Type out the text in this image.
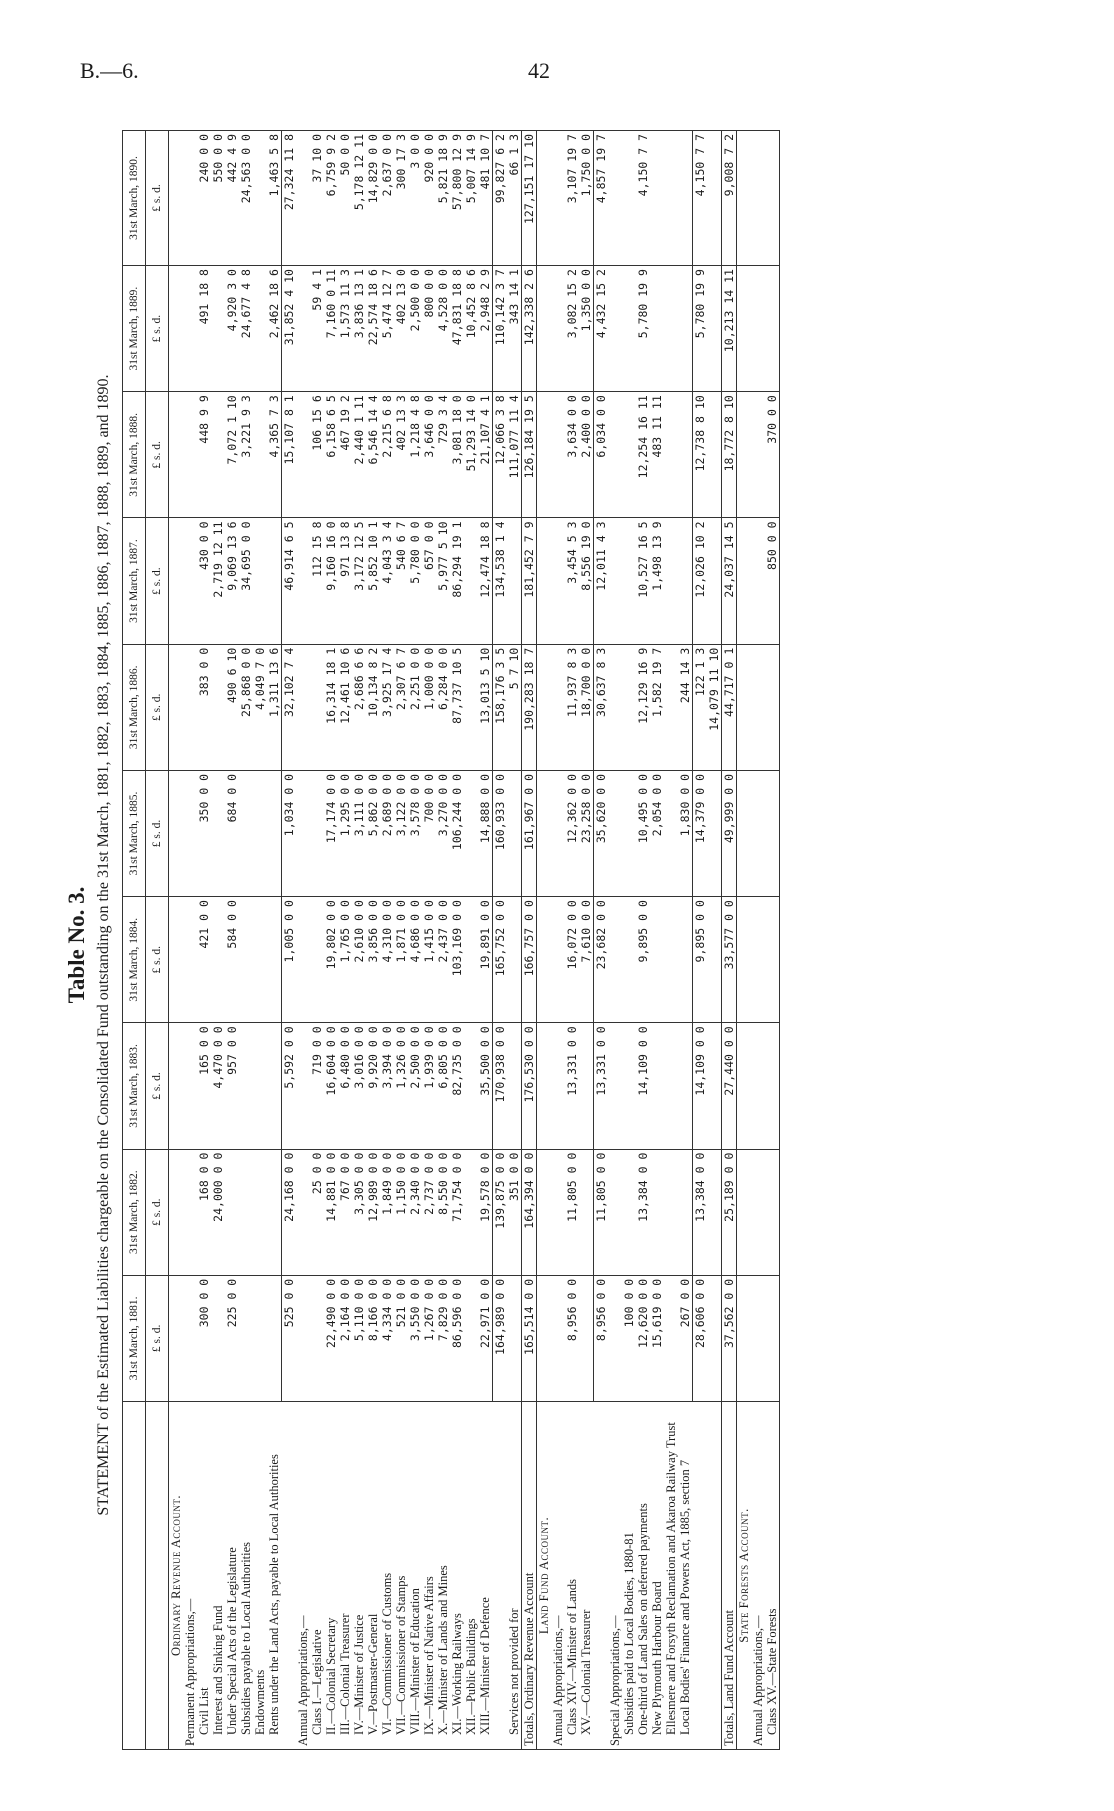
B.—6.	42
Table No. 3. STATEMENT of the Estimated Liabilities chargeable on the Consolidated Fund outstanding on the 31st March, 1881, 1882, 1883, 1884, 1885, 1886, 1887, 1888, 1889, and 1890.
	31st March, 1881.	31st March, 1882.	31st March, 1883.	31st March, 1884.	31st March, 1885.	31st March, 1886.	31st March, 1887.	31st March, 1888.	31st March, 1889.	31st March, 1890.
	£ s. d.	£ s. d.	£ s. d.	£ s. d.	£ s. d.	£ s. d.	£ s. d.	£ s. d.	£ s. d.	£ s. d.
Ordinary Revenue Account.										
Permanent Appropriations,—										
Civil List	300 0 0	168 0 0	165 0 0	421 0 0	350 0 0	383 0 0	430 0 0	448 9 9	491 18 8	240 0 0
Interest and Sinking Fund		24,000 0 0	4,470 0 0				2,719 12 11			550 0 0
Under Special Acts of the Legislature	225 0 0		957 0 0	584 0 0	684 0 0	490 6 10	9,069 13 6	7,072 1 10	4,920 3 0	442 4 9
Subsidies payable to Local Authorities						25,868 0 0	34,695 0 0	3,221 9 3	24,677 4 8	24,563 0 0
Endowments						4,049 7 0				
Rents under the Land Acts, payable to Local Authorities						1,311 13 6		4,365 7 3	2,462 18 6	1,463 5 8
	525 0 0	24,168 0 0	5,592 0 0	1,005 0 0	1,034 0 0	32,102 7 4	46,914 6 5	15,107 8 1	31,852 4 10	27,324 11 8
Annual Appropriations,—										
Class I.—Legislative		25 0 0	719 0 0				112 15 8	106 15 6	59 4 1	37 10 0
II.—Colonial Secretary	22,490 0 0	14,881 0 0	16,604 0 0	19,802 0 0	17,174 0 0	16,314 18 1	9,160 16 0	6,158 6 5	7,160 0 11	6,759 9 2
III.—Colonial Treasurer	2,164 0 0	767 0 0	6,480 0 0	1,765 0 0	1,295 0 0	12,461 10 6	971 13 8	467 19 2	1,573 11 3	50 0 0
IV.—Minister of Justice	5,110 0 0	3,305 0 0	3,016 0 0	2,610 0 0	3,111 0 0	2,686 6 6	3,172 12 5	2,440 1 11	3,836 13 1	5,178 12 11
V.—Postmaster-General	8,166 0 0	12,989 0 0	9,920 0 0	3,856 0 0	5,862 0 0	10,134 8 2	5,852 10 1	6,546 14 4	22,574 18 6	14,829 0 0
VI.—Commissioner of Customs	4,334 0 0	1,849 0 0	3,394 0 0	4,310 0 0	2,689 0 0	3,925 17 4	4,043 3 4	2,215 6 8	5,474 12 7	2,637 0 0
VII.—Commissioner of Stamps	521 0 0	1,150 0 0	1,326 0 0	1,871 0 0	3,122 0 0	2,307 6 7	540 6 7	402 13 3	402 13 0	300 17 3
VIII.—Minister of Education	3,550 0 0	2,340 0 0	2,500 0 0	4,686 0 0	3,578 0 0	2,251 0 0	5,780 0 0	1,218 4 8	2,500 0 0	3 0 0
IX.—Minister of Native Affairs	1,267 0 0	2,737 0 0	1,939 0 0	1,415 0 0	700 0 0	1,000 0 0	657 0 0	3,646 0 0	800 0 0	920 0 0
X.—Minister of Lands and Mines	7,829 0 0	8,550 0 0	6,805 0 0	2,437 0 0	3,270 0 0	6,284 0 0	5,977 5 10	729 3 4	4,528 0 0	5,821 18 9
XI.—Working Railways	86,596 0 0	71,754 0 0	82,735 0 0	103,169 0 0	106,244 0 0	87,737 10 5	86,294 19 1	3,081 18 0	47,831 18 8	57,800 12 9
XII.—Public Buildings								51,293 14 0	10,452 8 6	5,007 14 9
XIII.—Minister of Defence	22,971 0 0	19,578 0 0	35,500 0 0	19,891 0 0	14,888 0 0	13,013 5 10	12,474 18 8	21,107 4 1	2,948 2 9	481 10 7
	164,989 0 0	139,875 0 0	170,938 0 0	165,752 0 0	160,933 0 0	158,176 3 5	134,538 1 4	12,066 3 8	110,142 3 7	99,827 6 2
Services not provided for		351 0 0				5 7 10		111,077 11 4	343 14 1	66 1 3
Totals, Ordinary Revenue Account	165,514 0 0	164,394 0 0	176,530 0 0	166,757 0 0	161,967 0 0	190,283 18 7	181,452 7 9	126,184 19 5	142,338 2 6	127,151 17 10
Land Fund Account.										
Annual Appropriations,—										
Class XIV.—Minister of Lands	8,956 0 0	11,805 0 0	13,331 0 0	16,072 0 0	12,362 0 0	11,937 8 3	3,454 5 3	3,634 0 0	3,082 15 2	3,107 19 7
XV.—Colonial Treasurer				7,610 0 0	23,258 0 0	18,700 0 0	8,556 19 0	2,400 0 0	1,350 0 0	1,750 0 0
	8,956 0 0	11,805 0 0	13,331 0 0	23,682 0 0	35,620 0 0	30,637 8 3	12,011 4 3	6,034 0 0	4,432 15 2	4,857 19 7
Special Appropriations,—										
Subsidies paid to Local Bodies, 1880-81	100 0 0									
One-third of Land Sales on deferred payments	12,620 0 0	13,384 0 0	14,109 0 0	9,895 0 0	10,495 0 0	12,129 16 9	10,527 16 5	12,254 16 11	5,780 19 9	4,150 7 7
New Plymouth Harbour Board	15,619 0 0				2,054 0 0	1,582 19 7	1,498 13 9	483 11 11		
Ellesmere and Forsyth Reclamation and Akaroa Railway Trust										
Local Bodies' Finance and Powers Act, 1885, section 7	267 0 0				1,830 0 0	244 14 3				
	28,606 0 0	13,384 0 0	14,109 0 0	9,895 0 0	14,379 0 0	122 1 3	12,026 10 2	12,738 8 10	5,780 19 9	4,150 7 7
						14,079 11 10				
Totals, Land Fund Account	37,562 0 0	25,189 0 0	27,440 0 0	33,577 0 0	49,999 0 0	44,717 0 1	24,037 14 5	18,772 8 10	10,213 14 11	9,008 7 2
State Forests Account.										
Annual Appropriations,—										
Class XV.—State Forests							850 0 0	370 0 0		
